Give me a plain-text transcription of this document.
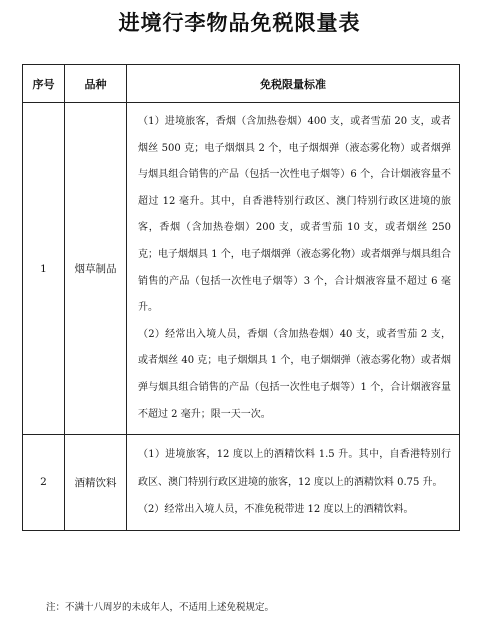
进境行李物品免税限量表
序号	品种	免税限量标准
1	烟草制品	（1）进境旅客，香烟（含加热卷烟）400 支，或者雪茄 20 支，或者烟丝 500 克；电子烟烟具 2 个，电子烟烟弹（液态雾化物）或者烟弹与烟具组合销售的产品（包括一次性电子烟等）6 个，合计烟液容量不超过 12 毫升。其中，自香港特别行政区、澳门特别行政区进境的旅客，香烟（含加热卷烟）200 支，或者雪茄 10 支，或者烟丝 250 克；电子烟烟具 1 个，电子烟烟弹（液态雾化物）或者烟弹与烟具组合销售的产品（包括一次性电子烟等）3 个，合计烟液容量不超过 6 毫升。

（2）经常出入境人员，香烟（含加热卷烟）40 支，或者雪茄 2 支，或者烟丝 40 克；电子烟烟具 1 个，电子烟烟弹（液态雾化物）或者烟弹与烟具组合销售的产品（包括一次性电子烟等）1 个，合计烟液容量不超过 2 毫升；限一天一次。

2	酒精饮料	（1）进境旅客，12 度以上的酒精饮料 1.5 升。其中，自香港特别行政区、澳门特别行政区进境的旅客，12 度以上的酒精饮料 0.75 升。

（2）经常出入境人员，不准免税带进 12 度以上的酒精饮料。

注：不满十八周岁的未成年人，不适用上述免税规定。
